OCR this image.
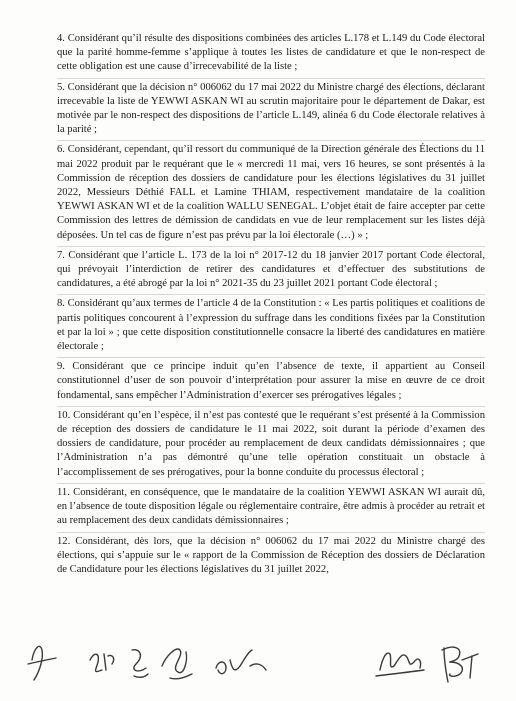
4. Considérant qu’il résulte des dispositions combinées des articles L.178 et L.149 du Code électoral que la parité homme-femme s’applique à toutes les listes de candidature et que le non-respect de cette obligation est une cause d’irrecevabilité de la liste ;

5. Considérant que la décision n° 006062 du 17 mai 2022 du Ministre chargé des élections, déclarant irrecevable la liste de YEWWI ASKAN WI au scrutin majoritaire pour le département de Dakar, est motivée par le non-respect des dispositions de l’article L.149, alinéa 6 du Code électorale relatives à la parité ;

6. Considérant, cependant, qu’il ressort du communiqué de la Direction générale des Élections du 11 mai 2022 produit par le requérant que le « mercredi 11 mai, vers 16 heures, se sont présentés à la Commission de réception des dossiers de candidature pour les élections législatives du 31 juillet 2022, Messieurs Déthié FALL et Lamine THIAM, respectivement mandataire de la coalition YEWWI ASKAN WI et de la coalition WALLU SENEGAL. L’objet était de faire accepter par cette Commission des lettres de démission de candidats en vue de leur remplacement sur les listes déjà déposées. Un tel cas de figure n’est pas prévu par la loi électorale (…) » ;

7. Considérant que l’article L. 173 de la loi n° 2017-12 du 18 janvier 2017 portant Code électoral, qui prévoyait l’interdiction de retirer des candidatures et d’effectuer des substitutions de candidatures, a été abrogé par la loi n° 2021-35 du 23 juillet 2021 portant Code électoral ;

8. Considérant qu’aux termes de l’article 4 de la Constitution : « Les partis politiques et coalitions de partis politiques concourent à l’expression du suffrage dans les conditions fixées par la Constitution et par la loi » ; que cette disposition constitutionnelle consacre la liberté des candidatures en matière électorale ;

9. Considérant que ce principe induit qu’en l’absence de texte, il appartient au Conseil constitutionnel d’user de son pouvoir d’interprétation pour assurer la mise en œuvre de ce droit fondamental, sans empêcher l’Administration d’exercer ses prérogatives légales ;

10. Considérant qu’en l’espèce, il n’est pas contesté que le requérant s’est présenté à la Commission de réception des dossiers de candidature le 11 mai 2022, soit durant la période d’examen des dossiers de candidature, pour procéder au remplacement de deux candidats démissionnaires ; que l’Administration n’a pas démontré qu’une telle opération constituait un obstacle à l’accomplissement de ses prérogatives, pour la bonne conduite du processus électoral ;

11. Considérant, en conséquence, que le mandataire de la coalition YEWWI ASKAN WI aurait dû, en l’absence de toute disposition légale ou réglementaire contraire, être admis à procéder au retrait et au remplacement des deux candidats démissionnaires ;

12. Considérant, dès lors, que la décision n° 006062 du 17 mai 2022 du Ministre chargé des élections, qui s’appuie sur le « rapport de la Commission de Réception des dossiers de Déclaration de Candidature pour les élections législatives du 31 juillet 2022,
